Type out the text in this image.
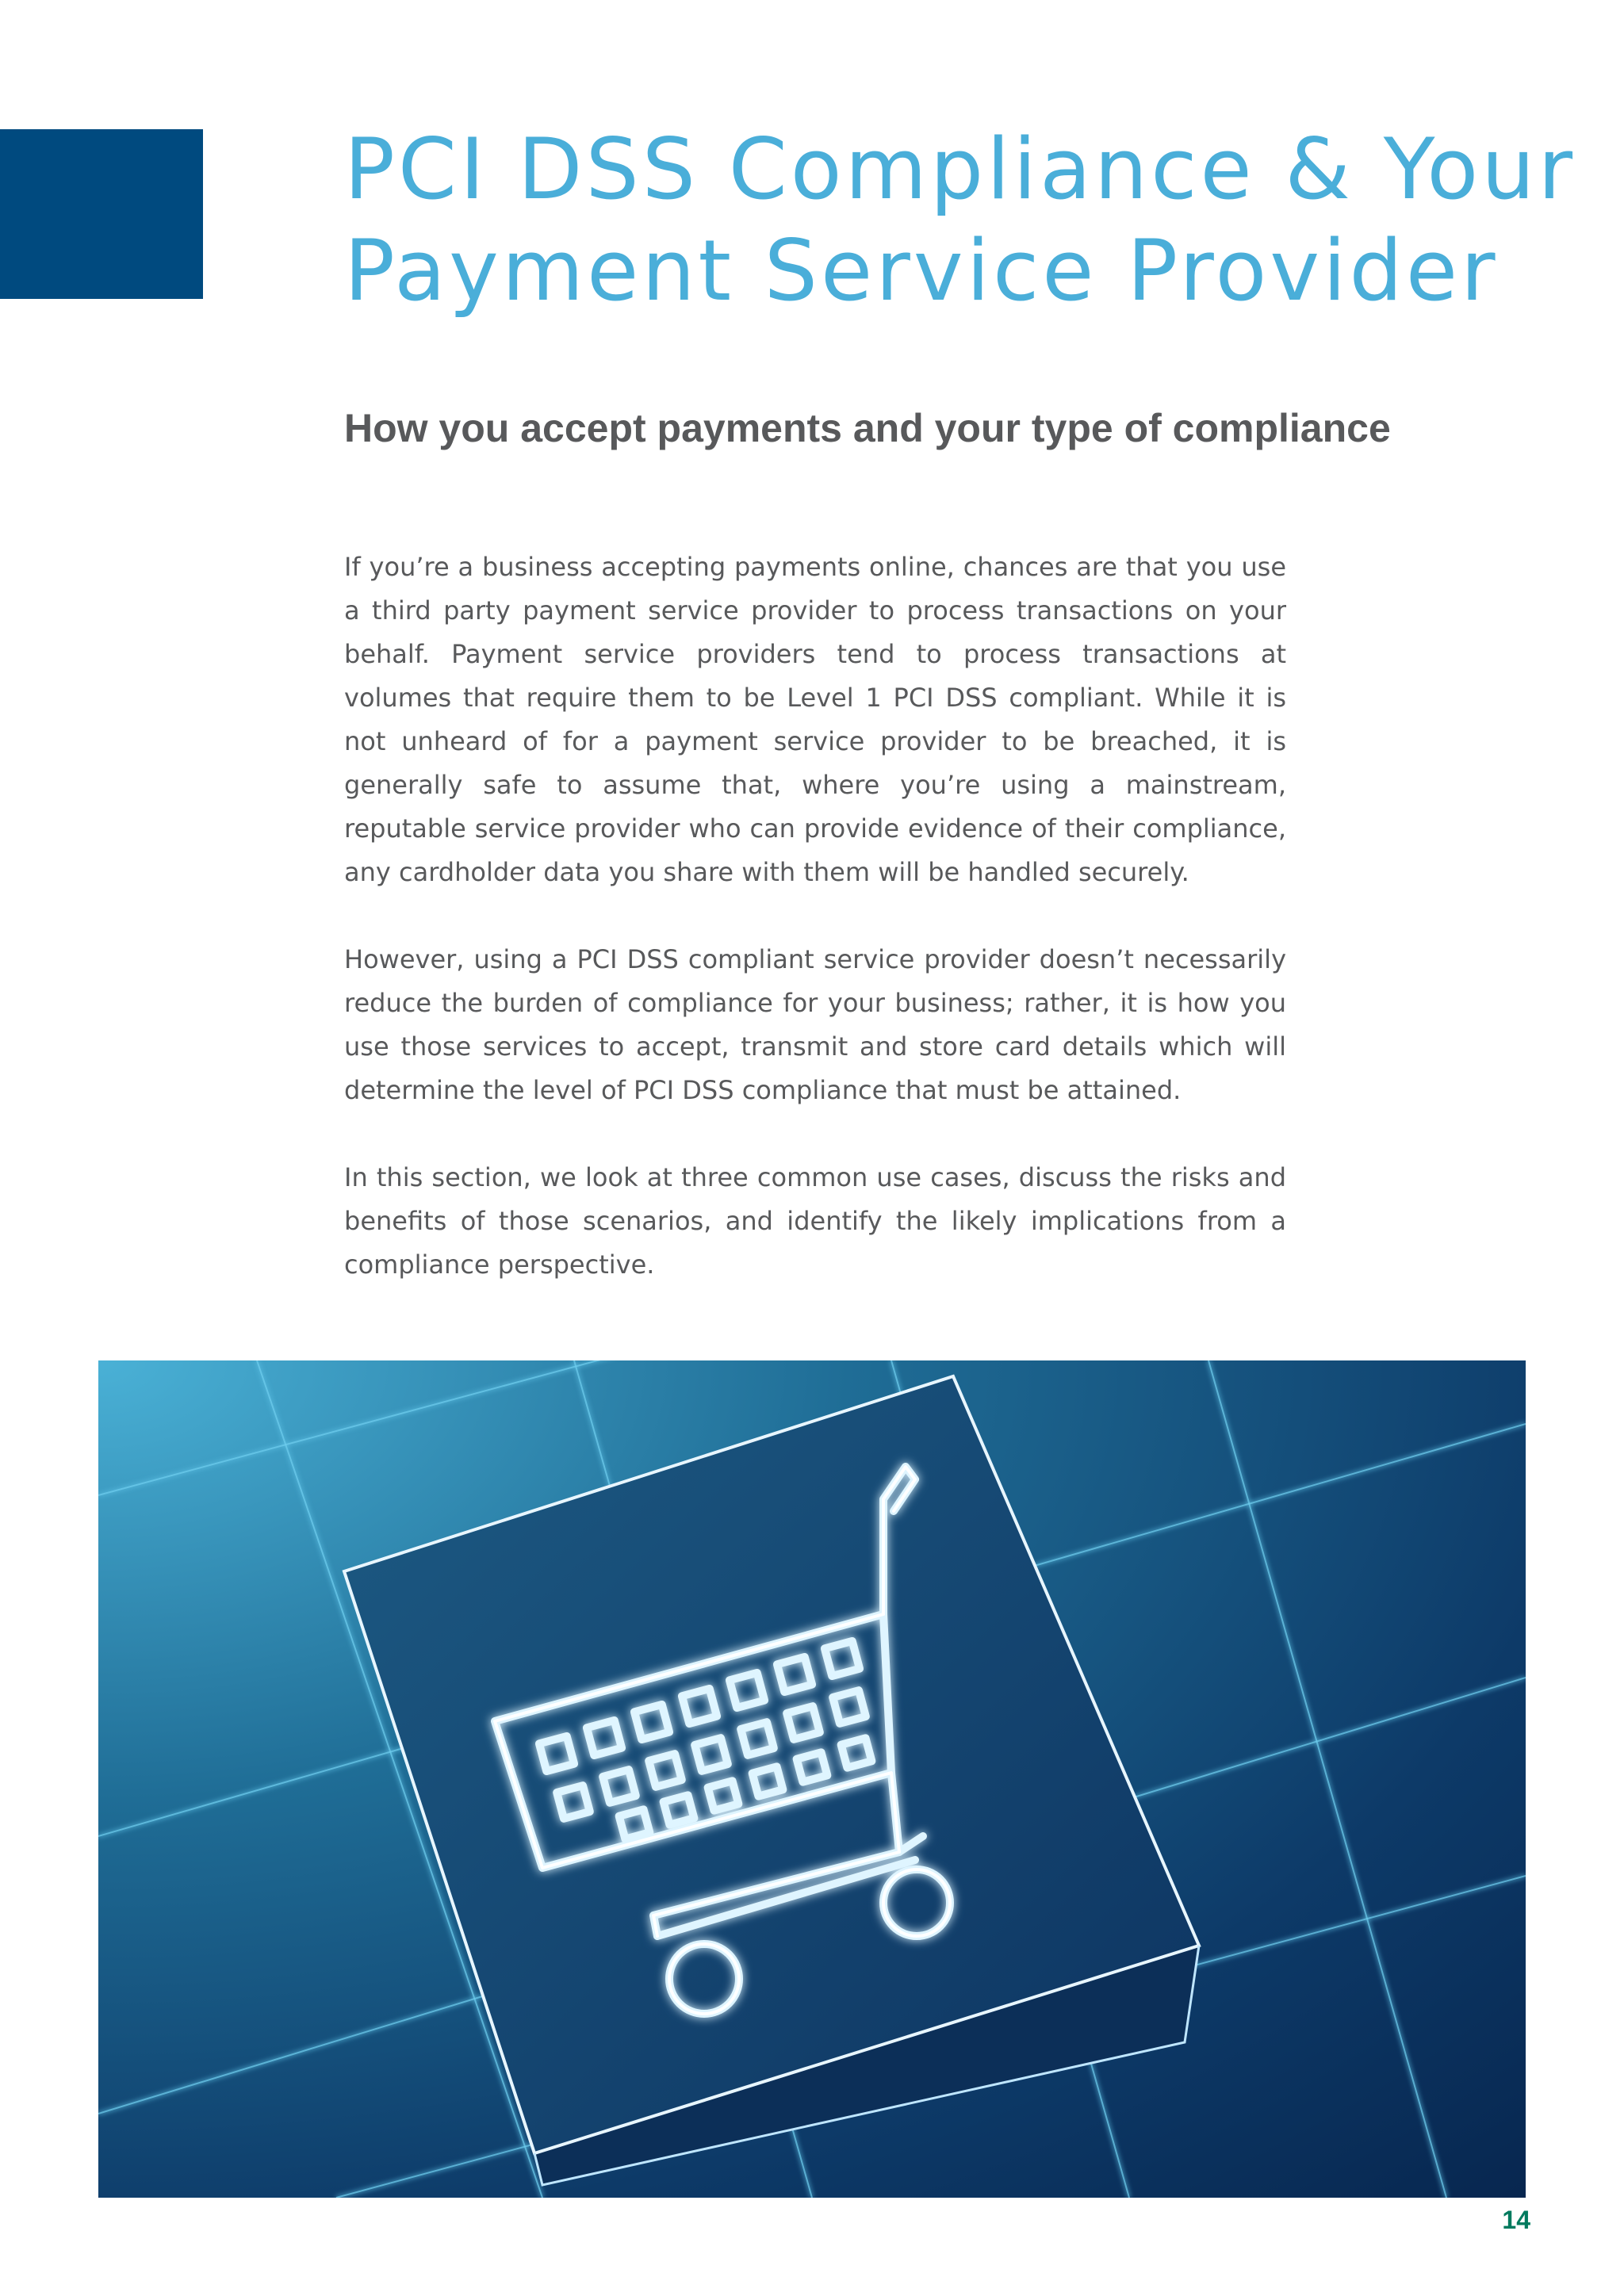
PCI DSS Compliance & Your
Payment Service Provider
How you accept payments and your type of compliance

If you’re a business accepting payments online, chances are that you use a third party payment service provider to process transactions on your behalf. Payment service providers tend to process transactions at volumes that require them to be Level 1 PCI DSS compliant. While it is not unheard of for a payment service provider to be breached, it is generally safe to assume that, where you’re using a mainstream, reputable service provider who can provide evidence of their compliance, any cardholder data you share with them will be handled securely.

However, using a PCI DSS compliant service provider doesn’t necessarily reduce the burden of compliance for your business; rather, it is how you use those services to accept, transmit and store card details which will determine the level of PCI DSS compliance that must be attained.

In this section, we look at three common use cases, discuss the risks and benefits of those scenarios, and identify the likely implications from a compliance perspective.

14
